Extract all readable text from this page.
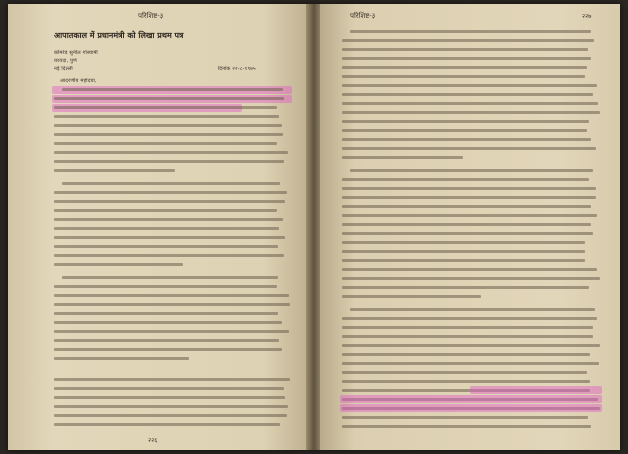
परिशिष्ट-३
आपातकाल में प्रधानमंत्री को लिखा प्रथम पत्र
कॉमरेड सुनील गोस्वामी
यरवदा, पुणे
नई दिल्ली	दिनांक २२-८-१९७५
आदरणीय महोदया,
२२६
परिशिष्ट-३	२२७
